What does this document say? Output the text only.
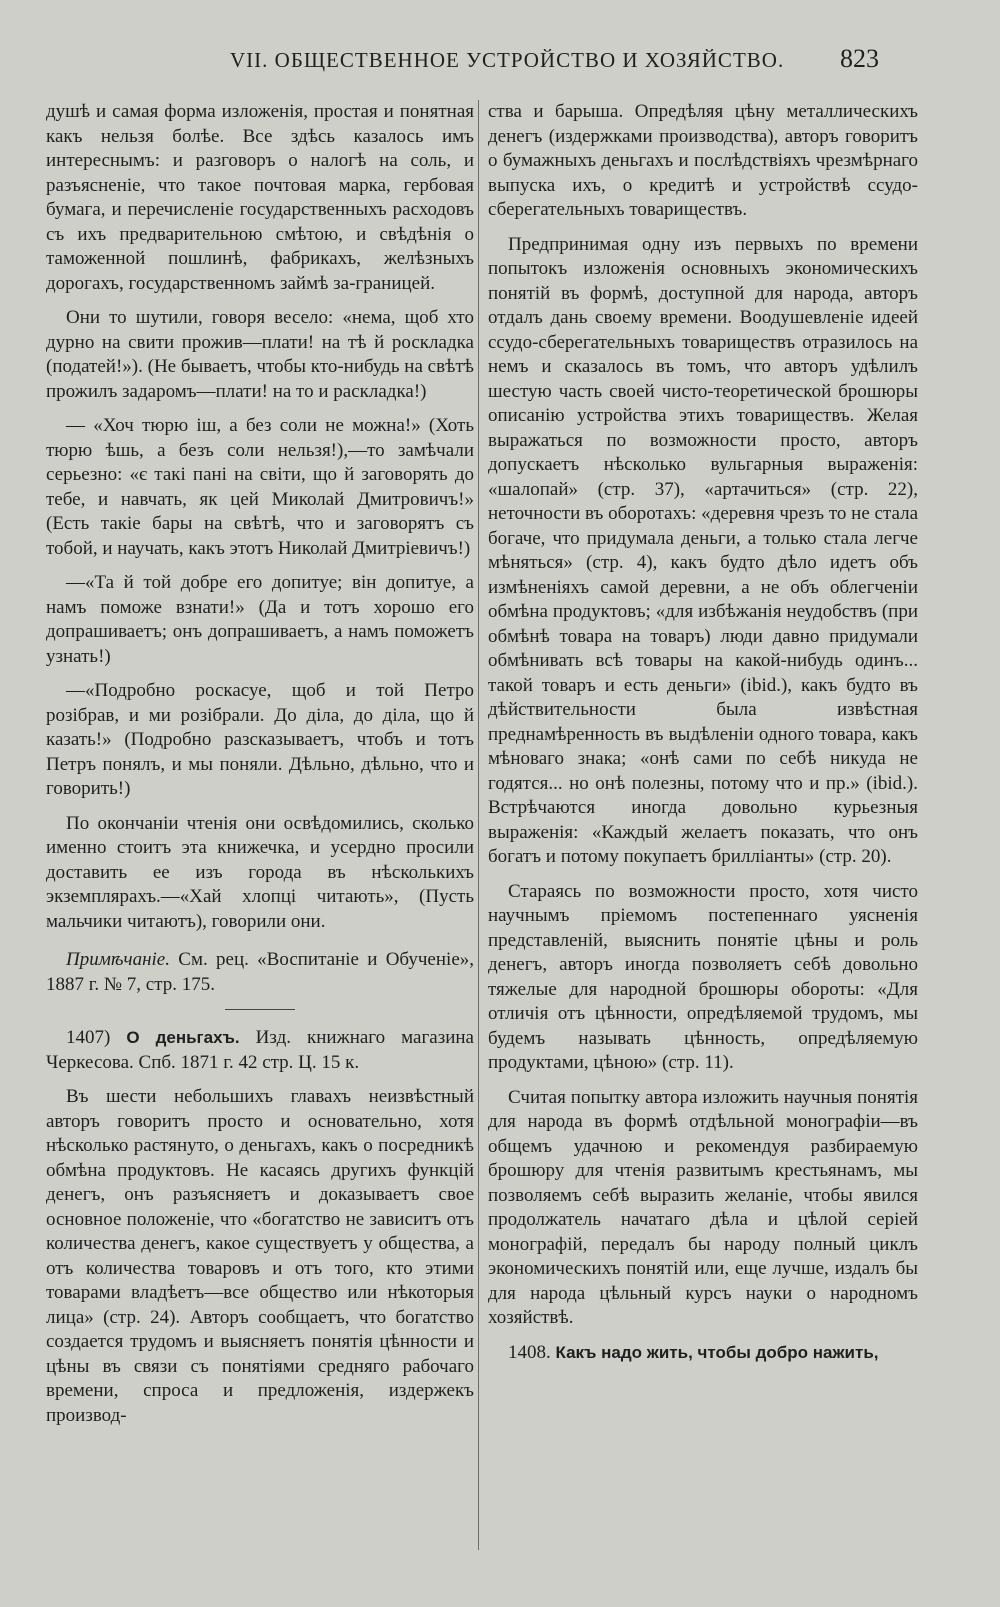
VII. ОБЩЕСТВЕННОЕ УСТРОЙСТВО И ХОЗЯЙСТВО. 823

душѣ и самая форма изложенія, простая и понятная какъ нельзя болѣе. Все здѣсь казалось имъ интереснымъ: и разговоръ о налогѣ на соль, и разъясненіе, что такое почтовая марка, гербовая бумага, и перечисленіе государственныхъ расходовъ съ ихъ предварительною смѣтою, и свѣдѣнія о таможенной пошлинѣ, фабрикахъ, желѣзныхъ дорогахъ, государственномъ займѣ за-границей.

Они то шутили, говоря весело: «нема, щоб хто дурно на свити прожив—плати! на тѣ й роскладка (податей!»). (Не бываетъ, чтобы кто-нибудь на свѣтѣ прожилъ задаромъ—плати! на то и раскладка!)

— «Хоч тюрю iш, а без соли не можна!» (Хоть тюрю ѣшь, а безъ соли нельзя!),—то замѣчали серьезно: «є такi панi на свiти, що й заговорять до тебе, и навчать, як цей Миколай Дмитровичъ!» (Есть такіе бары на свѣтѣ, что и заговорятъ съ тобой, и научать, какъ этотъ Николай Дмитріевичъ!)

—«Та й той добре его допитуе; вiн допитуе, а намъ поможе взнати!» (Да и тотъ хорошо его допрашиваетъ; онъ допрашиваетъ, а намъ поможетъ узнать!)

—«Подробно роскасуе, щоб и той Петро розiбрав, и ми розiбрали. До дiла, до дiла, що й казать!» (Подробно разсказываетъ, чтобъ и тотъ Петръ понялъ, и мы поняли. Дѣльно, дѣльно, что и говорить!)

По окончаніи чтенія они освѣдомились, сколько именно стоитъ эта книжечка, и усердно просили доставить ее изъ города въ нѣсколькихъ экземплярахъ.—«Хай хлопці читають», (Пусть мальчики читаютъ), говорили они.

Примѣчаніе. См. рец. «Воспитаніе и Обученіе», 1887 г. № 7, стр. 175.

1407) О деньгахъ. Изд. книжнаго магазина Черкесова. Спб. 1871 г. 42 стр. Ц. 15 к.

Въ шести небольшихъ главахъ неизвѣстный авторъ говоритъ просто и основательно, хотя нѣсколько растянуто, о деньгахъ, какъ о посредникѣ обмѣна продуктовъ. Не касаясь другихъ функцій денегъ, онъ разъясняетъ и доказываетъ свое основное положеніе, что «богатство не зависитъ отъ количества денегъ, какое существуетъ у общества, а отъ количества товаровъ и отъ того, кто этими товарами владѣетъ—все общество или нѣкоторыя лица» (стр. 24). Авторъ сообщаетъ, что богатство создается трудомъ и выясняетъ понятія цѣнности и цѣны въ связи съ понятіями средняго рабочаго времени, спроса и предложенія, издержекъ производ-

ства и барыша. Опредѣляя цѣну металлическихъ денегъ (издержками производства), авторъ говоритъ о бумажныхъ деньгахъ и послѣдствіяхъ чрезмѣрнаго выпуска ихъ, о кредитѣ и устройствѣ ссудо-сберегательныхъ товариществъ.

Предпринимая одну изъ первыхъ по времени попытокъ изложенія основныхъ экономическихъ понятій въ формѣ, доступной для народа, авторъ отдалъ дань своему времени. Воодушевленіе идеей ссудо-сберегательныхъ товариществъ отразилось на немъ и сказалось въ томъ, что авторъ удѣлилъ шестую часть своей чисто-теоретической брошюры описанію устройства этихъ товариществъ. Желая выражаться по возможности просто, авторъ допускаетъ нѣсколько вульгарныя выраженія: «шалопай» (стр. 37), «артачиться» (стр. 22), неточности въ оборотахъ: «деревня чрезъ то не стала богаче, что придумала деньги, а только стала легче мѣняться» (стр. 4), какъ будто дѣло идетъ объ измѣненіяхъ самой деревни, а не объ облегченіи обмѣна продуктовъ; «для избѣжанія неудобствъ (при обмѣнѣ товара на товаръ) люди давно придумали обмѣнивать всѣ товары на какой-нибудь одинъ... такой товаръ и есть деньги» (ibid.), какъ будто въ дѣйствительности была извѣстная преднамѣренность въ выдѣленіи одного товара, какъ мѣноваго знака; «онѣ сами по себѣ никуда не годятся... но онѣ полезны, потому что и пр.» (ibid.). Встрѣчаются иногда довольно курьезныя выраженія: «Каждый желаетъ показать, что онъ богатъ и потому покупаетъ брилліанты» (стр. 20).

Стараясь по возможности просто, хотя чисто научнымъ пріемомъ постепеннаго уясненія представленій, выяснить понятіе цѣны и роль денегъ, авторъ иногда позволяетъ себѣ довольно тяжелые для народной брошюры обороты: «Для отличія отъ цѣнности, опредѣляемой трудомъ, мы будемъ называть цѣнность, опредѣляемую продуктами, цѣною» (стр. 11).

Считая попытку автора изложить научныя понятія для народа въ формѣ отдѣльной монографіи—въ общемъ удачною и рекомендуя разбираемую брошюру для чтенія развитымъ крестьянамъ, мы позволяемъ себѣ выразить желаніе, чтобы явился продолжатель начатаго дѣла и цѣлой серіей монографій, передалъ бы народу полный циклъ экономическихъ понятій или, еще лучше, издалъ бы для народа цѣльный курсъ науки о народномъ хозяйствѣ.

1408. Какъ надо жить, чтобы добро нажить,
